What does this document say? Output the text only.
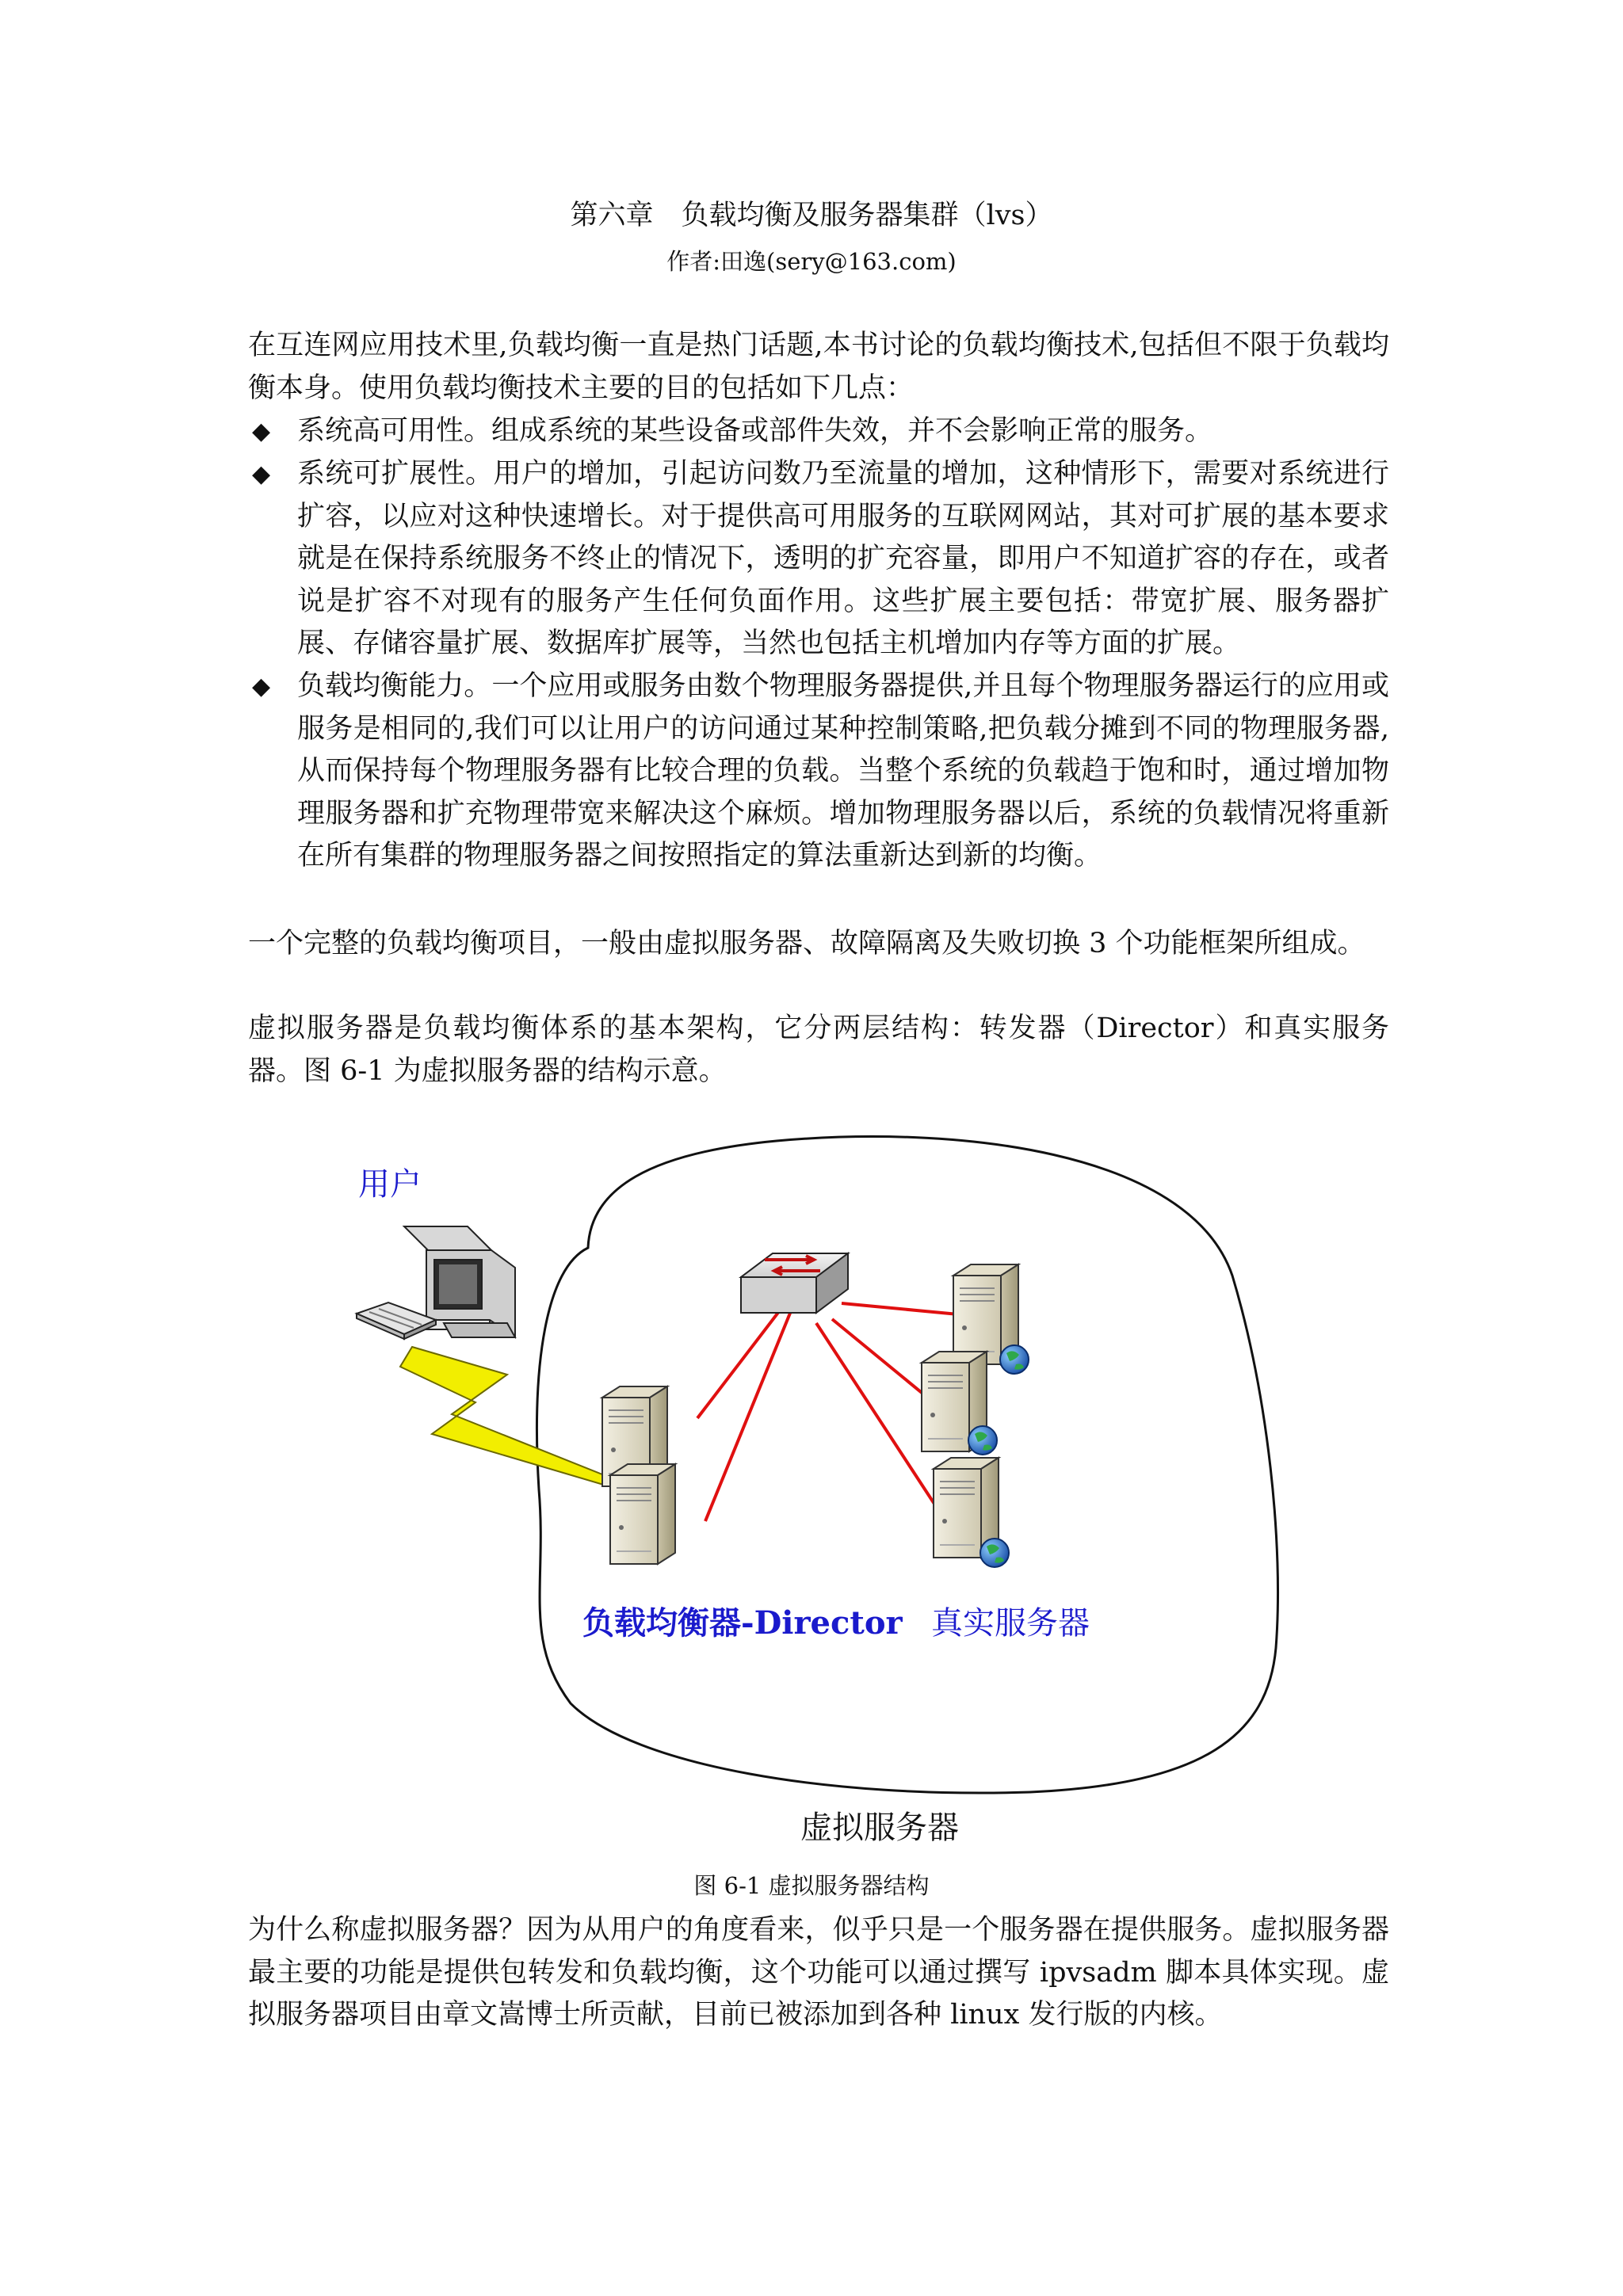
第六章　负载均衡及服务器集群（lvs）
作者:田逸(sery@163.com)

在互连网应用技术里,负载均衡一直是热门话题,本书讨论的负载均衡技术,包括但不限于负载均衡本身。使用负载均衡技术主要的目的包括如下几点：

◆ 系统高可用性。组成系统的某些设备或部件失效，并不会影响正常的服务。
◆ 系统可扩展性。用户的增加，引起访问数乃至流量的增加，这种情形下，需要对系统进行扩容，以应对这种快速增长。对于提供高可用服务的互联网网站，其对可扩展的基本要求就是在保持系统服务不终止的情况下，透明的扩充容量，即用户不知道扩容的存在，或者说是扩容不对现有的服务产生任何负面作用。这些扩展主要包括：带宽扩展、服务器扩展、存储容量扩展、数据库扩展等，当然也包括主机增加内存等方面的扩展。
◆ 负载均衡能力。一个应用或服务由数个物理服务器提供,并且每个物理服务器运行的应用或服务是相同的,我们可以让用户的访问通过某种控制策略,把负载分摊到不同的物理服务器,从而保持每个物理服务器有比较合理的负载。当整个系统的负载趋于饱和时，通过增加物理服务器和扩充物理带宽来解决这个麻烦。增加物理服务器以后，系统的负载情况将重新在所有集群的物理服务器之间按照指定的算法重新达到新的均衡。

一个完整的负载均衡项目，一般由虚拟服务器、故障隔离及失败切换 3 个功能框架所组成。

虚拟服务器是负载均衡体系的基本架构，它分两层结构：转发器（Director）和真实服务器。图 6-1 为虚拟服务器的结构示意。

用户
负载均衡器-Director 真实服务器
虚拟服务器
图 6-1 虚拟服务器结构

为什么称虚拟服务器？因为从用户的角度看来，似乎只是一个服务器在提供服务。虚拟服务器最主要的功能是提供包转发和负载均衡，这个功能可以通过撰写 ipvsadm 脚本具体实现。虚拟服务器项目由章文嵩博士所贡献，目前已被添加到各种 linux 发行版的内核。
